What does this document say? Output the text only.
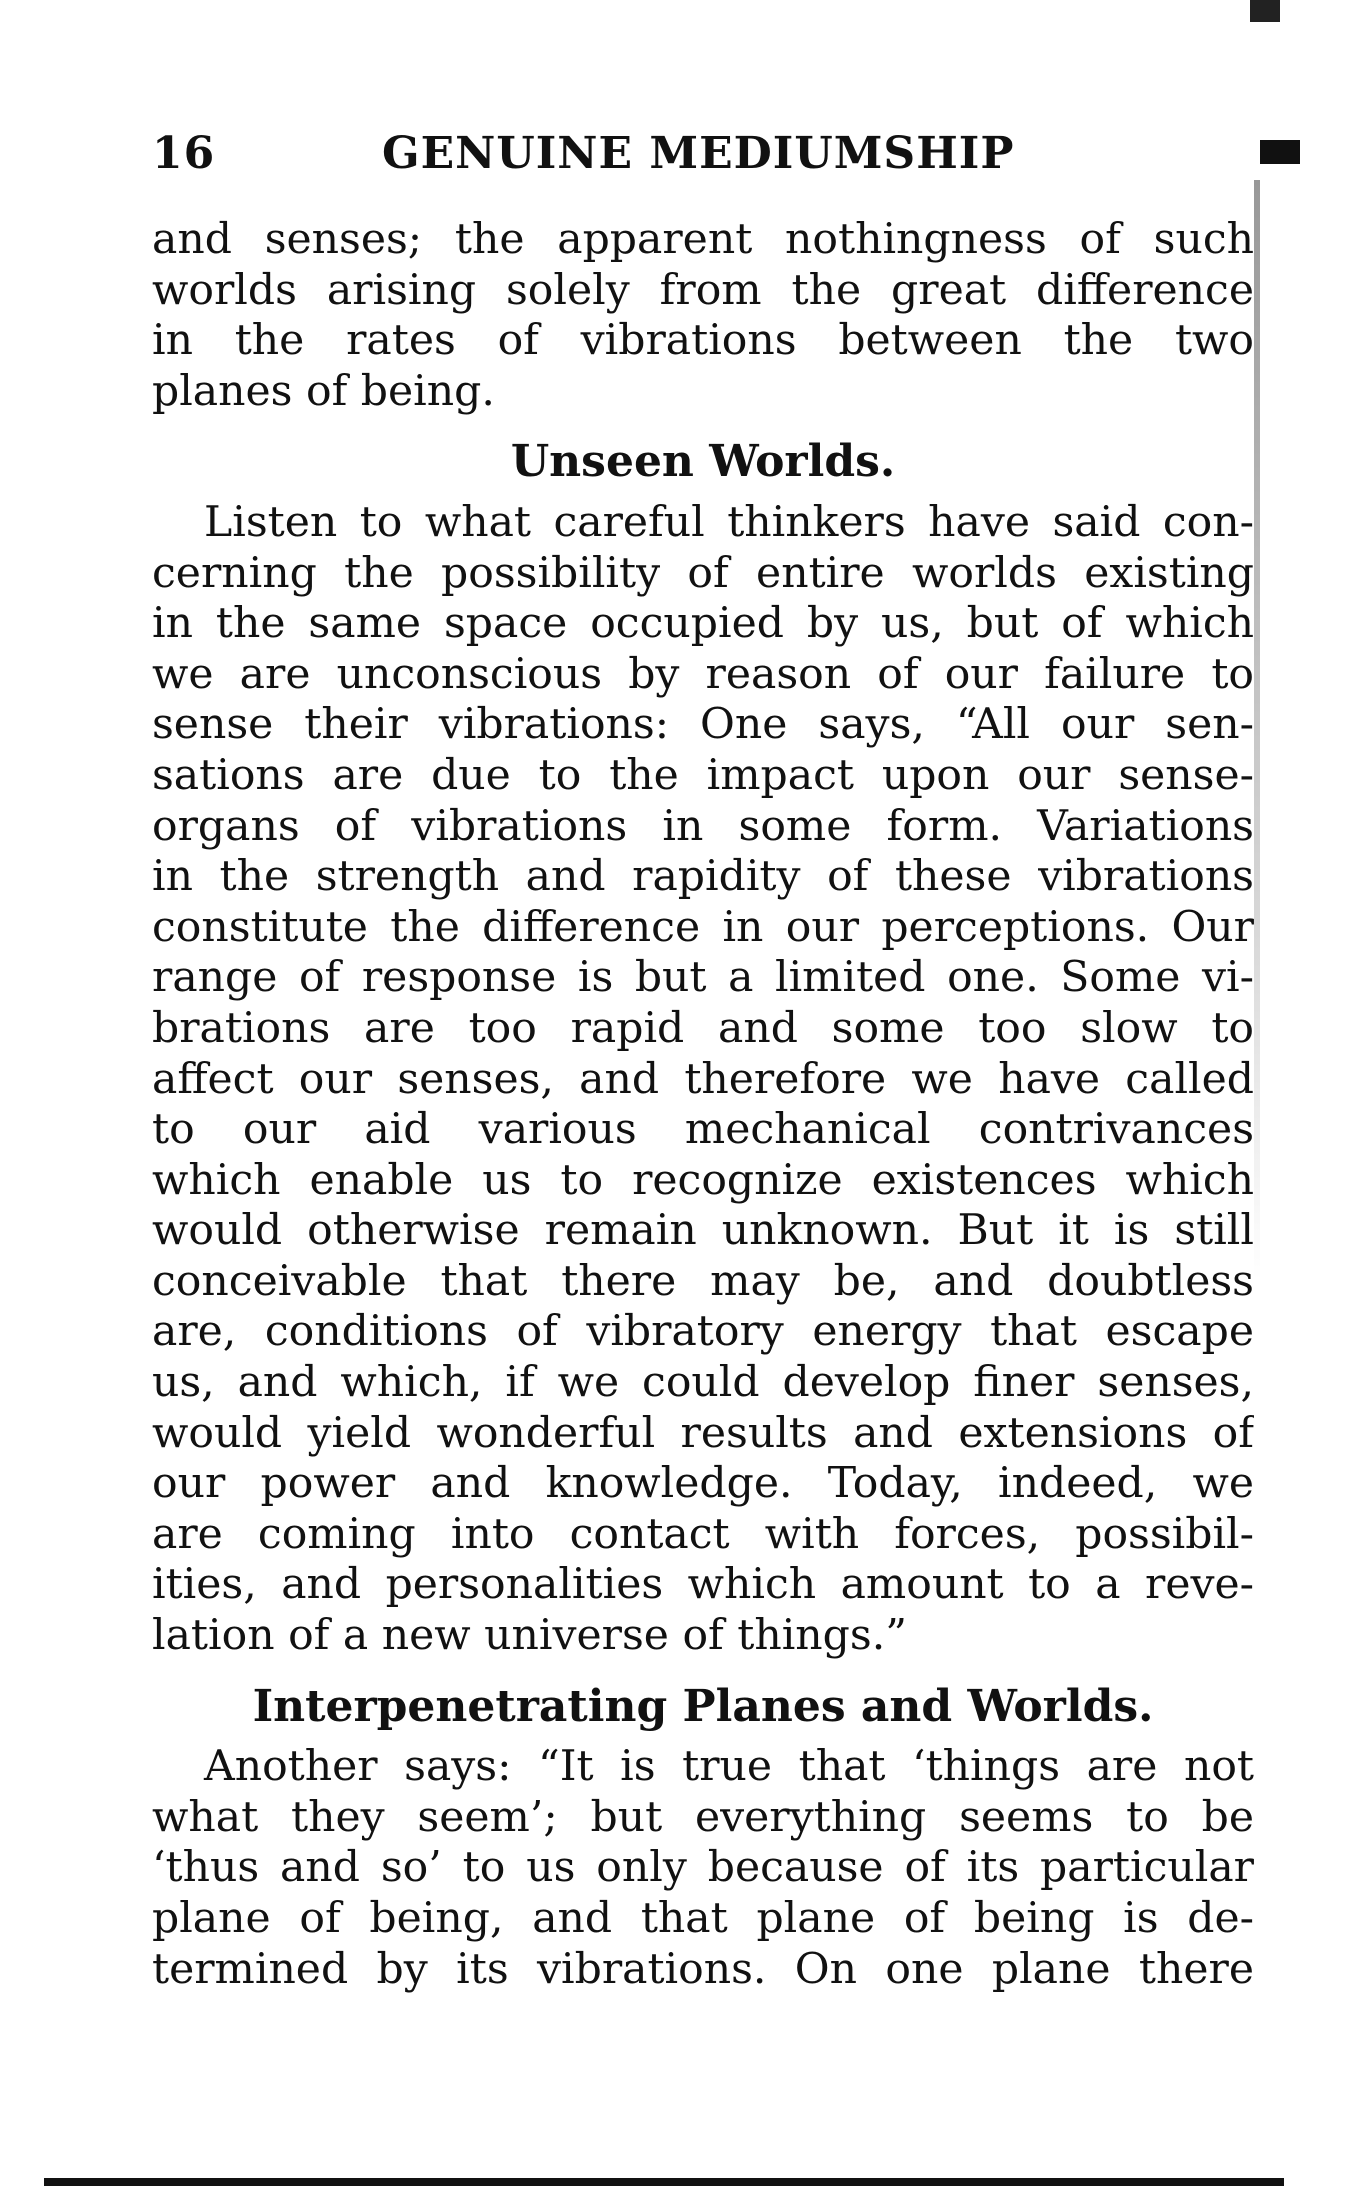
16	GENUINE MEDIUMSHIP
and senses; the apparent nothingness of such
worlds arising solely from the great difference
in the rates of vibrations between the two
planes of being.
Unseen Worlds.
Listen to what careful thinkers have said con-
cerning the possibility of entire worlds existing
in the same space occupied by us, but of which
we are unconscious by reason of our failure to
sense their vibrations: One says, “All our sen-
sations are due to the impact upon our sense-
organs of vibrations in some form. Variations
in the strength and rapidity of these vibrations
constitute the difference in our perceptions. Our
range of response is but a limited one. Some vi-
brations are too rapid and some too slow to
affect our senses, and therefore we have called
to our aid various mechanical contrivances
which enable us to recognize existences which
would otherwise remain unknown. But it is still
conceivable that there may be, and doubtless
are, conditions of vibratory energy that escape
us, and which, if we could develop finer senses,
would yield wonderful results and extensions of
our power and knowledge. Today, indeed, we
are coming into contact with forces, possibil-
ities, and personalities which amount to a reve-
lation of a new universe of things.”
Interpenetrating Planes and Worlds.
Another says: “It is true that ‘things are not
what they seem’; but everything seems to be
‘thus and so’ to us only because of its particular
plane of being, and that plane of being is de-
termined by its vibrations. On one plane there
